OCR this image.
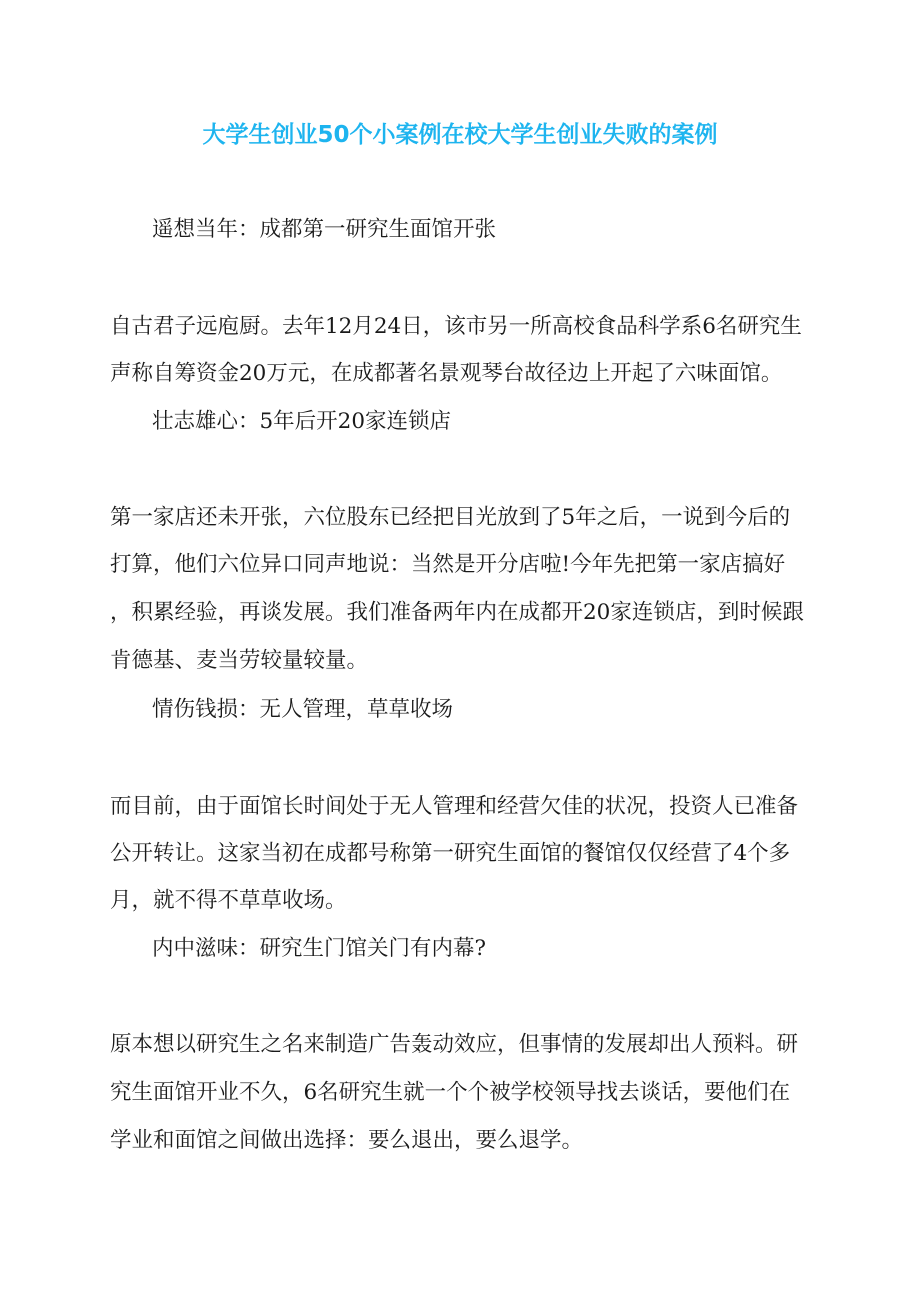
大学生创业50个小案例在校大学生创业失败的案例
遥想当年：成都第一研究生面馆开张
自古君子远庖厨。去年12月24日，该市另一所高校食品科学系6名研究生
声称自筹资金20万元，在成都著名景观琴台故径边上开起了六味面馆。
壮志雄心：5年后开20家连锁店
第一家店还未开张，六位股东已经把目光放到了5年之后，一说到今后的
打算，他们六位异口同声地说：当然是开分店啦!今年先把第一家店搞好
，积累经验，再谈发展。我们准备两年内在成都开20家连锁店，到时候跟
肯德基、麦当劳较量较量。
情伤钱损：无人管理，草草收场
而目前，由于面馆长时间处于无人管理和经营欠佳的状况，投资人已准备
公开转让。这家当初在成都号称第一研究生面馆的餐馆仅仅经营了4个多
月，就不得不草草收场。
内中滋味：研究生门馆关门有内幕?
原本想以研究生之名来制造广告轰动效应，但事情的发展却出人预料。研
究生面馆开业不久，6名研究生就一个个被学校领导找去谈话，要他们在
学业和面馆之间做出选择：要么退出，要么退学。
